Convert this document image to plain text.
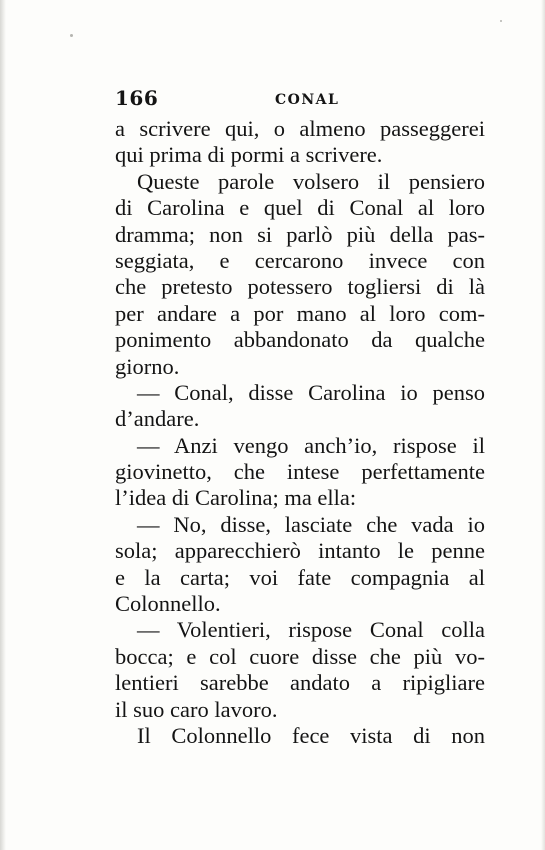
166	CONAL
a scrivere qui, o almeno passeggerei
qui prima di pormi a scrivere.
Queste parole volsero il pensiero
di Carolina e quel di Conal al loro
dramma; non si parlò più della pas-
seggiata, e cercarono invece con
che pretesto potessero togliersi di là
per andare a por mano al loro com-
ponimento abbandonato da qualche
giorno.
— Conal, disse Carolina io penso
d’andare.
— Anzi vengo anch’io, rispose il
giovinetto, che intese perfettamente
l’idea di Carolina; ma ella:
— No, disse, lasciate che vada io
sola; apparecchierò intanto le penne
e la carta; voi fate compagnia al
Colonnello.
— Volentieri, rispose Conal colla
bocca; e col cuore disse che più vo-
lentieri sarebbe andato a ripigliare
il suo caro lavoro.
Il Colonnello fece vista di non
